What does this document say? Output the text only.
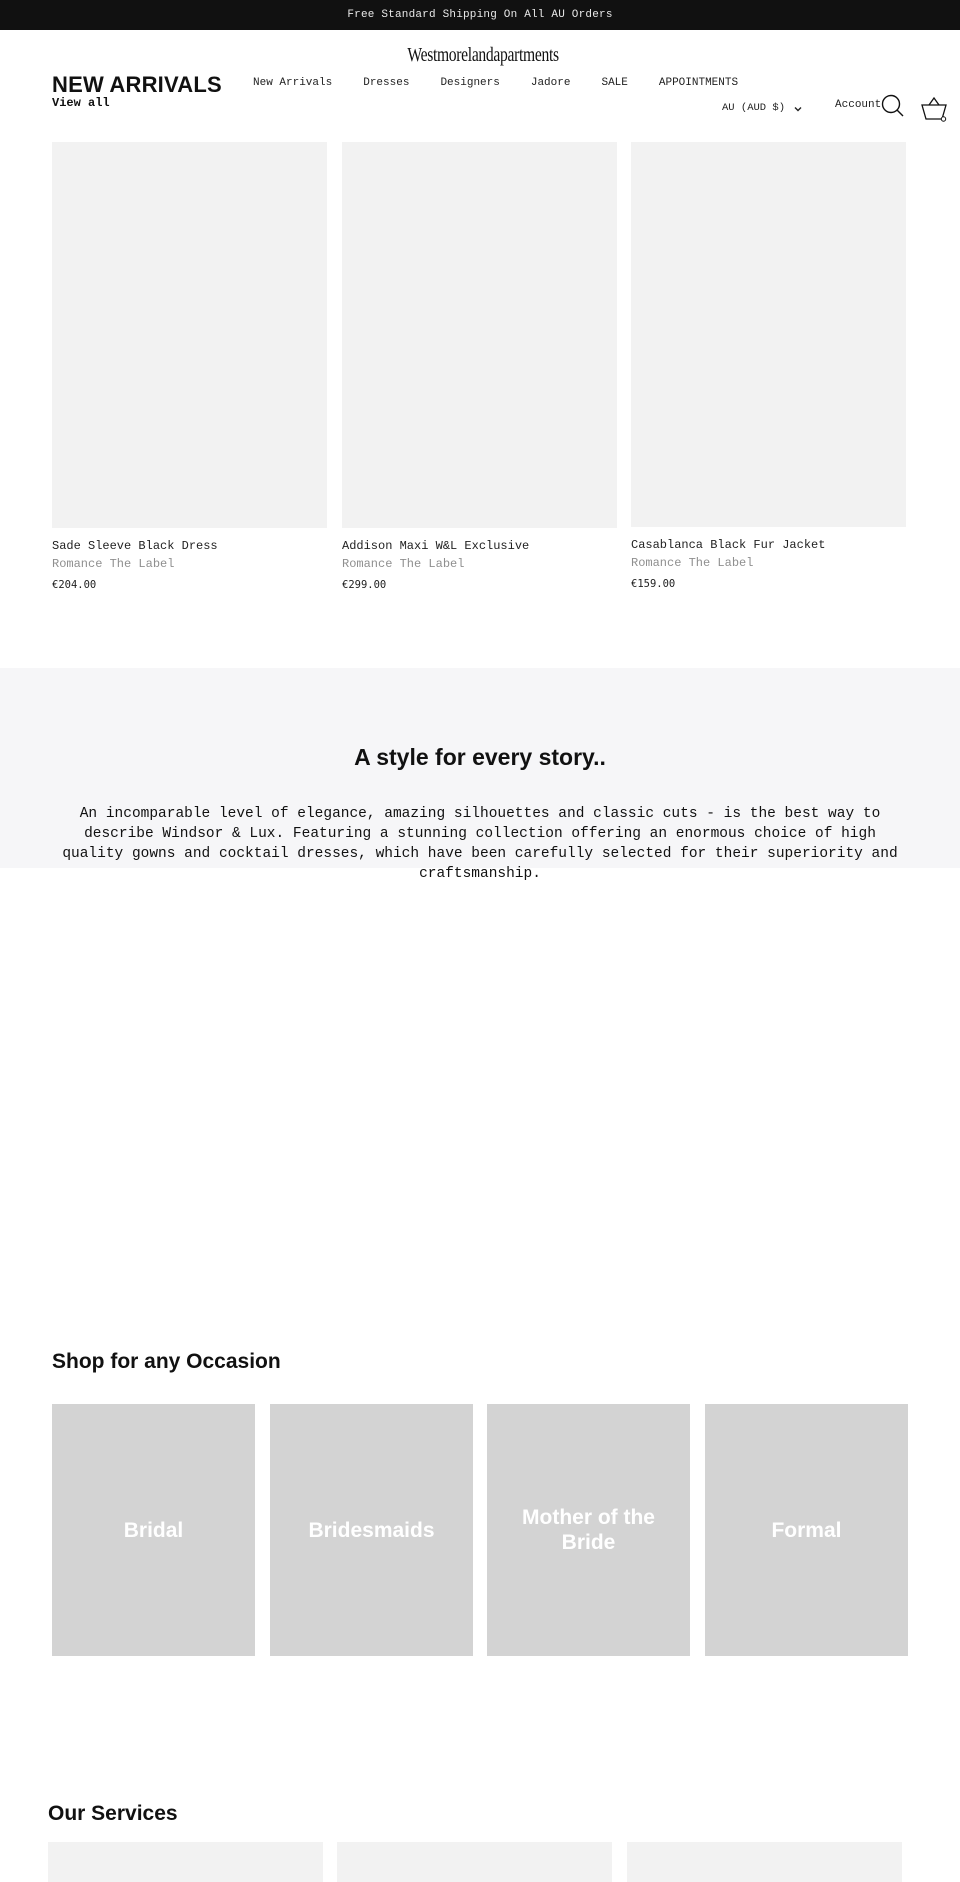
Free Standard Shipping On All AU Orders
Westmorelandapartments
New Arrivals	Dresses	Designers	Jadore	SALE	APPOINTMENTS
AU (AUD $)	Account
NEW ARRIVALS
View all
Sade Sleeve Black Dress
Romance The Label
€204.00
Addison Maxi W&L Exclusive
Romance The Label
€299.00
Casablanca Black Fur Jacket
Romance The Label
€159.00
A style for every story..

An incomparable level of elegance, amazing silhouettes and classic cuts - is the best way to describe Windsor & Lux. Featuring a stunning collection offering an enormous choice of high quality gowns and cocktail dresses, which have been carefully selected for their superiority and craftsmanship.

Shop for any Occasion
Bridal	Bridesmaids
Mother of the Bride
Formal
Our Services
